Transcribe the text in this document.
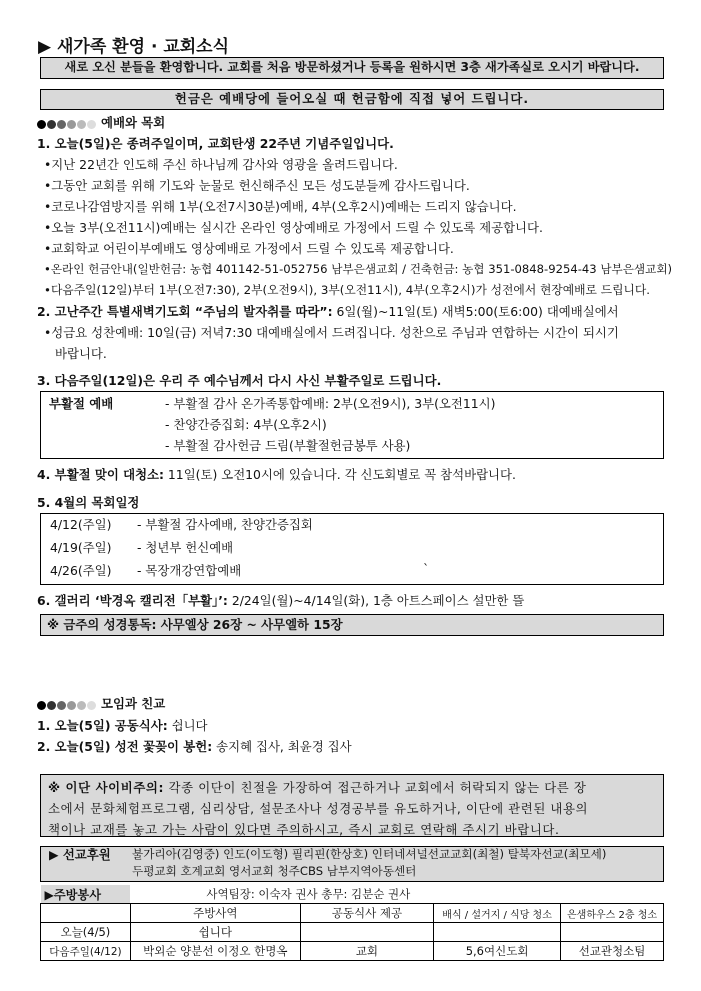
▶ 새가족 환영 · 교회소식
새로 오신 분들을 환영합니다. 교회를 처음 방문하셨거나 등록을 원하시면 3층 새가족실로 오시기 바랍니다.
헌금은 예배당에 들어오실 때 헌금함에 직접 넣어 드립니다.
예배와 목회
1. 오늘(5일)은 종려주일이며, 교회탄생 22주년 기념주일입니다.
•지난 22년간 인도해 주신 하나님께 감사와 영광을 올려드립니다.
•그동안 교회를 위해 기도와 눈물로 헌신해주신 모든 성도분들께 감사드립니다.
•코로나감염방지를 위해 1부(오전7시30분)예배, 4부(오후2시)예배는 드리지 않습니다.
•오늘 3부(오전11시)예배는 실시간 온라인 영상예배로 가정에서 드릴 수 있도록 제공합니다.
•교회학교 어린이부예배도 영상예배로 가정에서 드릴 수 있도록 제공합니다.
•온라인 헌금안내(일반헌금: 농협 401142-51-052756 남부은샘교회 / 건축헌금: 농협 351-0848-9254-43 남부은샘교회)
•다음주일(12일)부터 1부(오전7:30), 2부(오전9시), 3부(오전11시), 4부(오후2시)가 성전에서 현장예배로 드립니다.
2. 고난주간 특별새벽기도회 “주님의 발자취를 따라”: 6일(월)~11일(토) 새벽5:00(토6:00) 대예배실에서
•성금요 성찬예배: 10일(금) 저녁7:30 대예배실에서 드려집니다. 성찬으로 주님과 연합하는 시간이 되시기
바랍니다.
3. 다음주일(12일)은 우리 주 예수님께서 다시 사신 부활주일로 드립니다.
부활절 예배	- 부활절 감사 온가족통합예배: 2부(오전9시), 3부(오전11시)
- 찬양간증집회: 4부(오후2시)
- 부활절 감사헌금 드림(부활절헌금봉투 사용)
4. 부활절 맞이 대청소: 11일(토) 오전10시에 있습니다. 각 신도회별로 꼭 참석바랍니다.
5. 4월의 목회일정
4/12(주일) - 부활절 감사예배, 찬양간증집회
4/19(주일) - 청년부 헌신예배
4/26(주일) - 목장개강연합예배	`
6. 갤러리 ‘박경옥 캘리전「부활」’: 2/24일(월)~4/14일(화), 1층 아트스페이스 설만한 뜰
※ 금주의 성경통독: 사무엘상 26장 ~ 사무엘하 15장
모임과 친교
1. 오늘(5일) 공동식사: 쉽니다
2. 오늘(5일) 성전 꽃꽂이 봉헌: 송지혜 집사, 최윤경 집사
※ 이단 사이비주의: 각종 이단이 친절을 가장하여 접근하거나 교회에서 허락되지 않는 다른 장
소에서 문화체험프로그램, 심리상담, 설문조사나 성경공부를 유도하거나, 이단에 관련된 내용의
책이나 교재를 놓고 가는 사람이 있다면 주의하시고, 즉시 교회로 연락해 주시기 바랍니다.
▶ 선교후원 불가리아(김영중) 인도(이도형) 필리핀(한상호) 인터네셔널선교교회(최철) 탈북자선교(최모세)
두평교회 호계교회 영서교회 청주CBS 남부지역아동센터
▶주방봉사	사역팀장: 이숙자 권사 총무: 김분순 권사			
	주방사역	공동식사 제공	배식 / 설거지 / 식당 청소	은샘하우스 2층 청소
오늘(4/5)	쉽니다			
다음주일(4/12)	박외순 양분선 이정오 한명옥	교회	5,6여신도회	선교관청소팀
